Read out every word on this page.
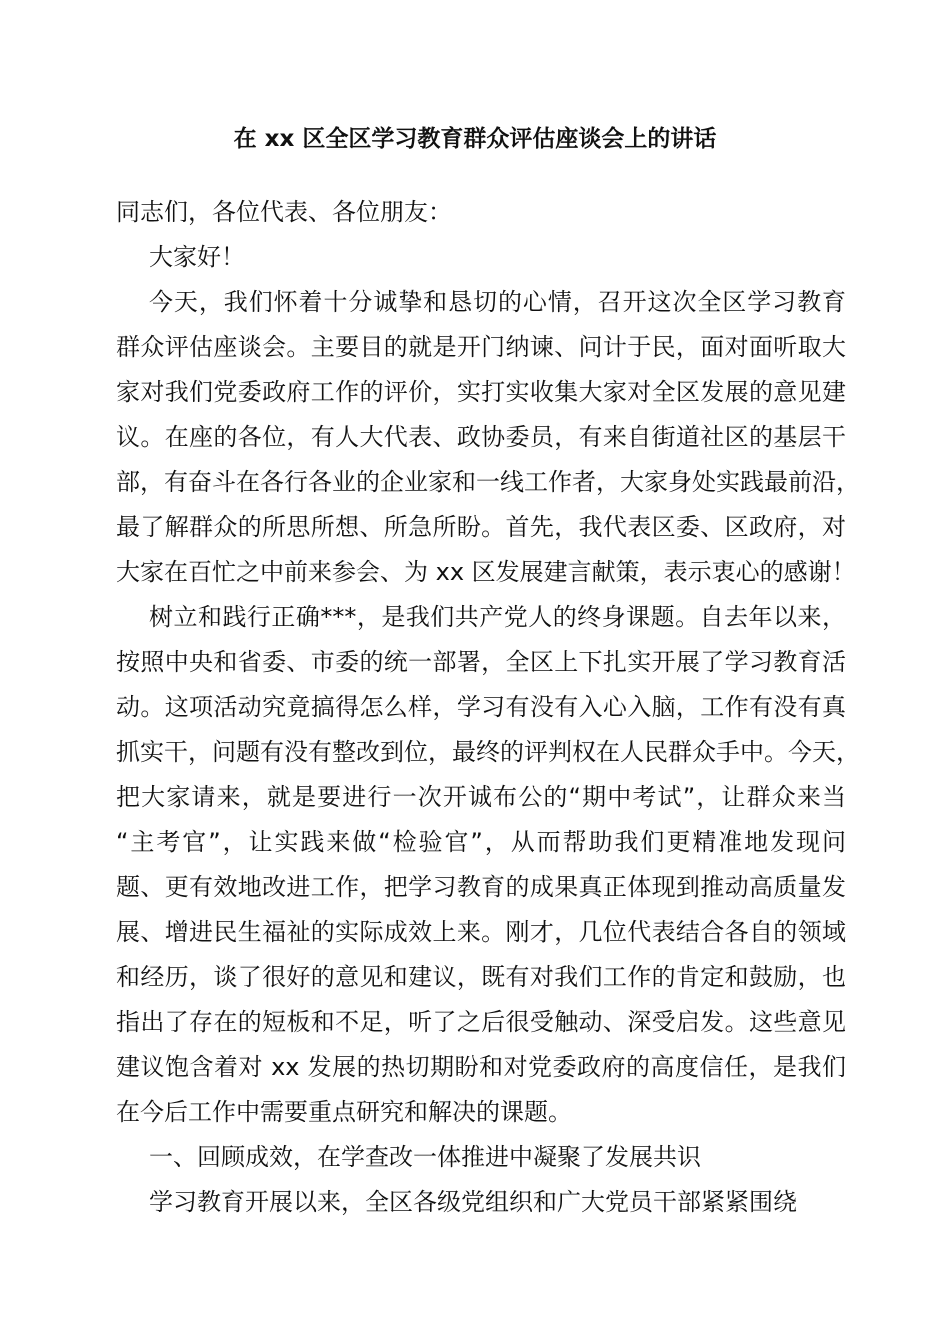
在 xx 区全区学习教育群众评估座谈会上的讲话
同志们，各位代表、各位朋友：
大家好！
今天，我们怀着十分诚挚和恳切的心情，召开这次全区学习教育
群众评估座谈会。主要目的就是开门纳谏、问计于民，面对面听取大
家对我们党委政府工作的评价，实打实收集大家对全区发展的意见建
议。在座的各位，有人大代表、政协委员，有来自街道社区的基层干
部，有奋斗在各行各业的企业家和一线工作者，大家身处实践最前沿，
最了解群众的所思所想、所急所盼。首先，我代表区委、区政府，对
大家在百忙之中前来参会、为 xx 区发展建言献策，表示衷心的感谢！
树立和践行正确***，是我们共产党人的终身课题。自去年以来，
按照中央和省委、市委的统一部署，全区上下扎实开展了学习教育活
动。这项活动究竟搞得怎么样，学习有没有入心入脑，工作有没有真
抓实干，问题有没有整改到位，最终的评判权在人民群众手中。今天，
把大家请来，就是要进行一次开诚布公的“期中考试”，让群众来当
“主考官”，让实践来做“检验官”，从而帮助我们更精准地发现问
题、更有效地改进工作，把学习教育的成果真正体现到推动高质量发
展、增进民生福祉的实际成效上来。刚才，几位代表结合各自的领域
和经历，谈了很好的意见和建议，既有对我们工作的肯定和鼓励，也
指出了存在的短板和不足，听了之后很受触动、深受启发。这些意见
建议饱含着对 xx 发展的热切期盼和对党委政府的高度信任，是我们
在今后工作中需要重点研究和解决的课题。
一、回顾成效，在学查改一体推进中凝聚了发展共识
学习教育开展以来，全区各级党组织和广大党员干部紧紧围绕
